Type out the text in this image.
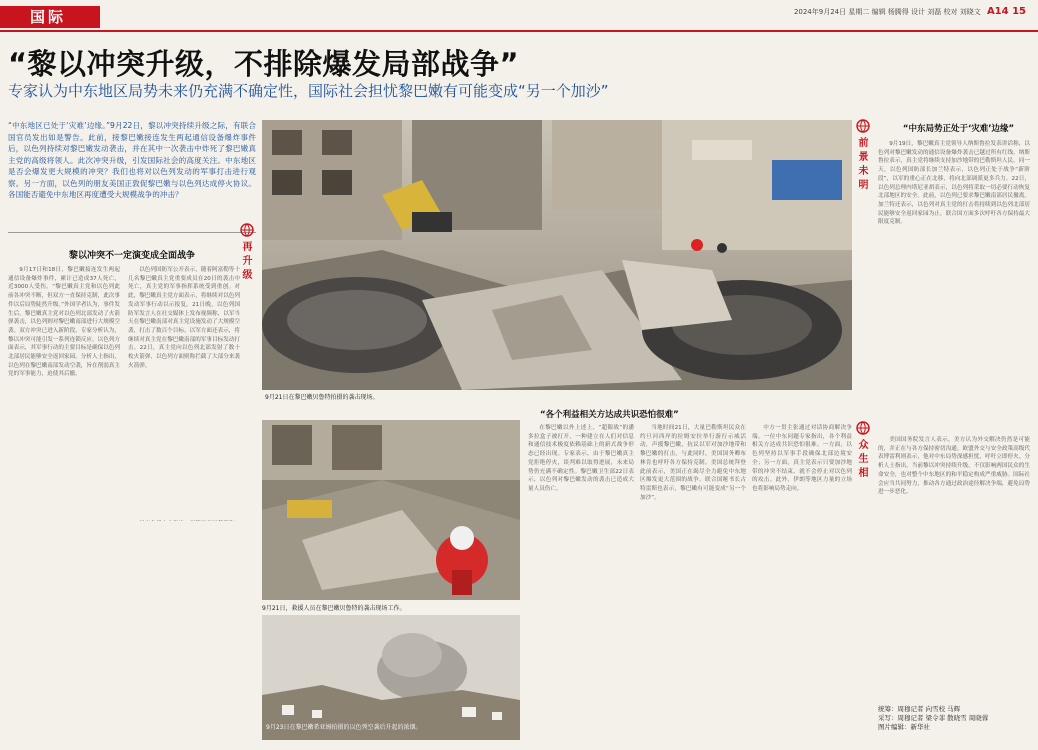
国际	2024年9月24日 星期二 编辑 杨腾得 设计 刘磊 校对 刘晓文 A14 15
“黎以冲突升级，不排除爆发局部战争”
专家认为中东地区局势未来仍充满不确定性，国际社会担忧黎巴嫩有可能变成“另一个加沙”
“中东地区已处于‘灾难’边缘。”9月22日，黎以冲突持续升级之际，有联合国官员发出如是警告。此前，接黎巴嫩接连发生两起通信设备爆炸事件后，以色列持续对黎巴嫩发动袭击，并在其中一次袭击中炸死了黎巴嫩真主党的高级将领人。此次冲突升级，引发国际社会的高度关注。中东地区是否会爆发更大规模的冲突？我们也将对以色列发动的军事打击进行观察。另一方面，以色列的朋友美国正敦促黎巴嫩与以色列达成停火协议。各国能否避免中东地区再度遭受大规模战争的冲击？
黎以冲突不一定演变成全面战争

9月17日和18日，黎巴嫩接连发生两起通信设备爆炸事件，累计已造成37人死亡，近3000人受伤。“黎巴嫩真主党和以色列此前各冲突不断，但双方一直保持克制，此次事件以后局势陡然升级。”外国学者认为，事件发生后，黎巴嫩真主党对以色列北部发动了火箭弹袭击，以色列则对黎巴嫩南部进行大规模空袭。双方冲突已进入新阶段。专家分析认为，黎以冲突可能引发一系列连锁反应。以色列方面表示，其军事行动的主要目标是确保以色列北部居民能够安全返回家园。分析人士指出，以色列在黎巴嫩南部发动空袭，旨在削弱真主党的军事能力，迫使其后撤。

以色列国防军公开表示，随着阿富勒等十几名黎巴嫩真主党重要成员在20日的袭击中死亡，真主党的军事指挥系统受到重创。对此，黎巴嫩真主党方面表示，将继续对以色列发动军事行动以示报复。21日晚，以色列国防军发言人在社交媒体上发布视频称，以军当天在黎巴嫩南部对真主党设施发动了大规模空袭，打击了数百个目标。以军方面还表示，将继续对真主党在黎巴嫩南部的军事目标发动打击。22日，真主党向以色列北部发射了数十枚火箭弹，以色列方面则称拦截了大部分来袭火箭弹。

再
升
级
9月21日在黎巴嫩贝鲁特拍摄的袭击现场。
“各个利益相关方达成共识恐怕很难”
9月21日，救援人员在黎巴嫩贝鲁特的袭击现场工作。
9月23日在黎巴嫩希亚姆拍摄的以色列空袭后升起的浓烟。

在黎巴嫩以外上述上，“超限战”的潘多拉盒子被打开，一种建立在人们对信息和通信技术极度依赖基础上的新式战争形态已经出现。专家表示，由于黎巴嫩真主党拒绝停火，谈判难以取得进展，未来局势仍充满不确定性。黎巴嫩卫生部22日表示，以色列对黎巴嫩发动的袭击已造成大量人员伤亡。

当地时间21日，大量巴勒斯坦民众在约旦河西岸的拉姆安拉举行游行示威活动，声援黎巴嫩，抗议以军对加沙地带和黎巴嫩的打击。与此同时，美国国务卿布林肯也呼吁各方保持克制。美国总统拜登此前表示，美国正在竭尽全力避免中东地区爆发更大范围的战争。联合国秘书长古特雷斯也表示，黎巴嫩有可能变成“另一个加沙”。

中方一贯主张通过对话协商解决争端。一位中东问题专家指出，各个利益相关方达成共识恐怕很难。一方面，以色列坚持以军事手段确保北部边境安全；另一方面，真主党表示只要加沙地带的冲突不结束，就不会停止对以色列的攻击。此外，伊朗等地区力量的立场也将影响局势走向。

前
景
未
明
众
生
相
“中东局势正处于‘灾难’边缘”

9月19日，黎巴嫩真主党领导人纳斯鲁拉发表讲话称，以色列对黎巴嫩发动的通信设备爆炸袭击已越过所有红线。纳斯鲁拉表示，真主党将继续支持加沙地带的巴勒斯坦人民。同一天，以色列国防部长加兰特表示，以色列正处于战争“新阶段”，以军的重心正在北移，将向北部调派更多兵力。22日，以色列总理内塔尼亚胡表示，以色列将采取一切必要行动恢复北部地区的安全。此前，以色列已要求黎巴嫩南部居民撤离。加兰特还表示，以色列对真主党的打击将持续到以色列北部居民能够安全返回家园为止。联合国方面多次呼吁各方保持最大限度克制。

美国国务院发言人表示，美方认为外交解决仍然是可能的，并正在与各方保持密切沟通。欧盟外交与安全政策高级代表博雷利则表示，他对中东局势深感担忧，呼吁立即停火。分析人士指出，当前黎以冲突持续升级，不仅影响两国民众的生命安全，也对整个中东地区的和平稳定构成严重威胁。国际社会应当共同努力，推动各方通过政治途径解决争端，避免局势进一步恶化。

统筹：周穆记者 向雪校 马辉
采写：周穆记者 梁令菲 散晓雪 周晓蓉
图片编辑：新华社
